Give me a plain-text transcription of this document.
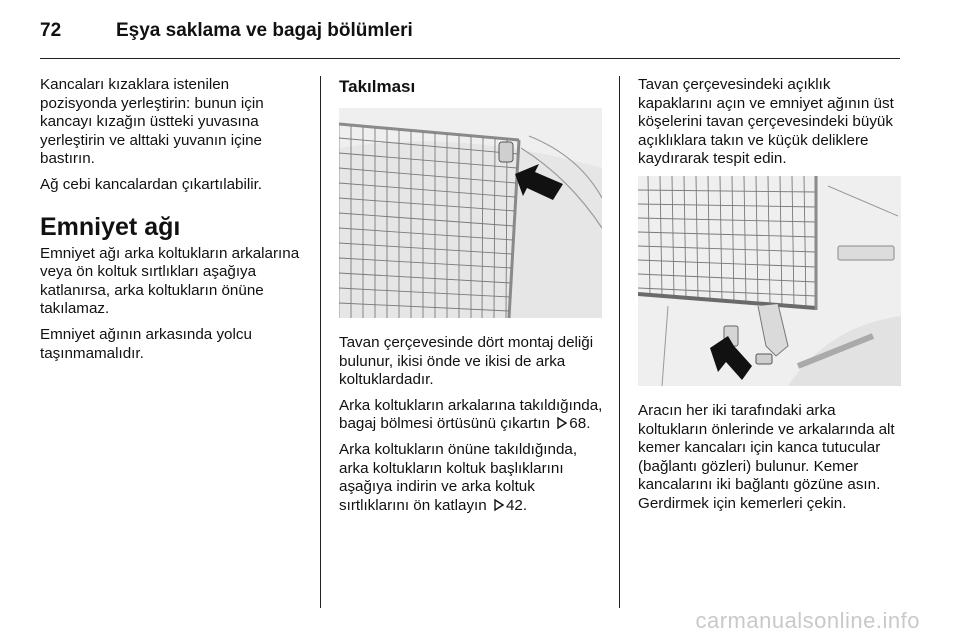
72	Eşya saklama ve bagaj bölümleri

Kancaları kızaklara istenilen pozisyonda yerleştirin: bunun için kancayı kızağın üstteki yuvasına yerleştirin ve alttaki yuvanın içine bastırın.

Ağ cebi kancalardan çıkartılabilir.

Emniyet ağı

Emniyet ağı arka koltukların arkalarına veya ön koltuk sırtlıkları aşağıya katlanırsa, arka koltukların önüne takılamaz.

Emniyet ağının arkasında yolcu taşınmamalıdır.

Takılması

Tavan çerçevesinde dört montaj deliği bulunur, ikisi önde ve ikisi de arka koltuklardadır.

Arka koltukların arkalarına takıldığında, bagaj bölmesi örtüsünü çıkartın 68.

Arka koltukların önüne takıldığında, arka koltukların koltuk başlıklarını aşağıya indirin ve arka koltuk sırtlıklarını ön katlayın 42.

Tavan çerçevesindeki açıklık kapaklarını açın ve emniyet ağının üst köşelerini tavan çerçevesindeki büyük açıklıklara takın ve küçük deliklere kaydırarak tespit edin.

Aracın her iki tarafındaki arka koltukların önlerinde ve arkalarında alt kemer kancaları için kanca tutucular (bağlantı gözleri) bulunur. Kemer kancalarını iki bağlantı gözüne asın. Gerdirmek için kemerleri çekin.

carmanualsonline.info
